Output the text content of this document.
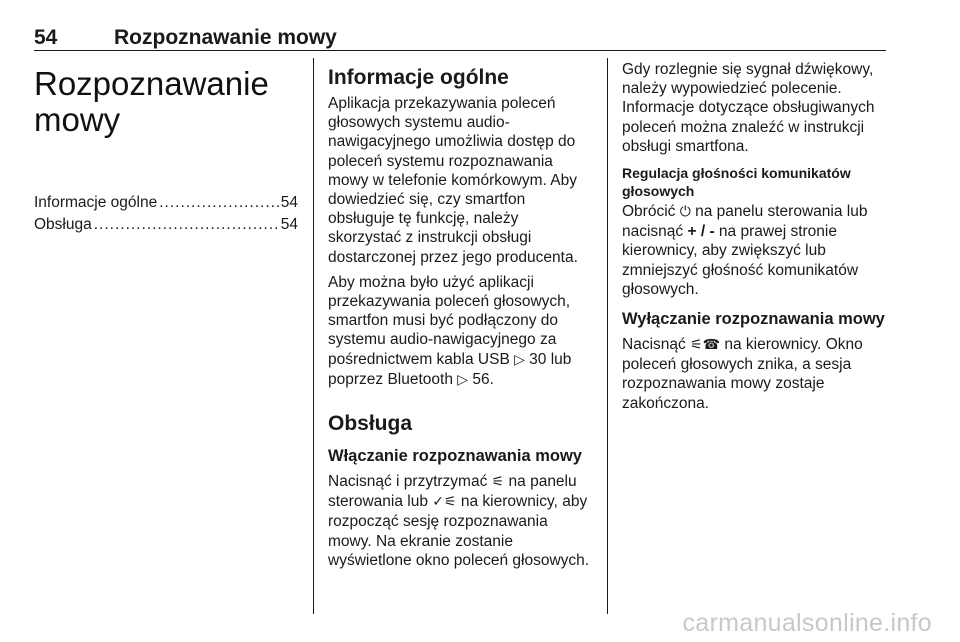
54	Rozpoznawanie mowy
Rozpoznawanie mowy
Informacje ogólne .....	54
Obsługa .....	54
Informacje ogólne

Aplikacja przekazywania poleceń głosowych systemu audio-nawigacyjnego umożliwia dostęp do poleceń systemu rozpoznawania mowy w telefonie komórkowym. Aby dowiedzieć się, czy smartfon obsługuje tę funkcję, należy skorzystać z instrukcji obsługi dostarczonej przez jego producenta.

Aby można było użyć aplikacji przekazywania poleceń głosowych, smartfon musi być podłączony do systemu audio-nawigacyjnego za pośrednictwem kabla USB ▷ 30 lub poprzez Bluetooth ▷ 56.

Obsługa
Włączanie rozpoznawania mowy

Nacisnąć i przytrzymać ⚟ na panelu sterowania lub ✓⚟ na kierownicy, aby rozpocząć sesję rozpoznawania mowy. Na ekranie zostanie wyświetlone okno poleceń głosowych.

Gdy rozlegnie się sygnał dźwiękowy, należy wypowiedzieć polecenie. Informacje dotyczące obsługiwanych poleceń można znaleźć w instrukcji obsługi smartfona.

Regulacja głośności komunikatów głosowych

Obrócić ⏻ na panelu sterowania lub nacisnąć + / - na prawej stronie kierownicy, aby zwiększyć lub zmniejszyć głośność komunikatów głosowych.

Wyłączanie rozpoznawania mowy

Nacisnąć ⚟☎ na kierownicy. Okno poleceń głosowych znika, a sesja rozpoznawania mowy zostaje zakończona.

carmanualsonline.info
